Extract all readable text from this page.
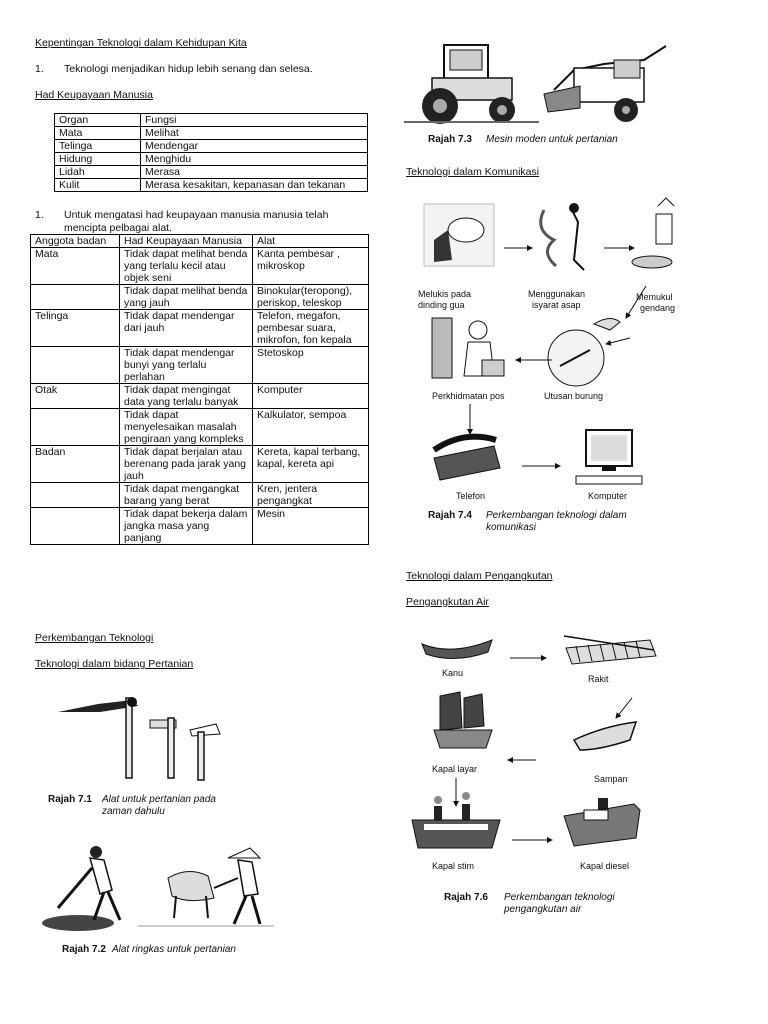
Kepentingan Teknologi dalam Kehidupan Kita
1. Teknologi menjadikan hidup lebih senang dan selesa.
Had Keupayaan Manusia
Organ	Fungsi
Mata	Melihat
Telinga	Mendengar
Hidung	Menghidu
Lidah	Merasa
Kulit	Merasa kesakitan, kepanasan dan tekanan
1. Untuk mengatasi had keupayaan manusia manusia telah
mencipta pelbagai alat.
Anggota badan	Had Keupayaan Manusia	Alat
Mata	Tidak dapat melihat benda yang terlalu kecil atau objek seni	Kanta pembesar , mikroskop
	Tidak dapat melihat benda yang jauh	Binokular(teropong), periskop, teleskop
Telinga	Tidak dapat mendengar dari jauh	Telefon, megafon, pembesar suara, mikrofon, fon kepala
	Tidak dapat mendengar bunyi yang terlalu perlahan	Stetoskop
Otak	Tidak dapat mengingat data yang terlalu banyak	Komputer
	Tidak dapat menyelesaikan masalah pengiraan yang kompleks	Kalkulator, sempoa
Badan	Tidak dapat berjalan atau berenang pada jarak yang jauh	Kereta, kapal terbang, kapal, kereta api
	Tidak dapat mengangkat barang yang berat	Kren, jentera pengangkat
	Tidak dapat bekerja dalam jangka masa yang panjang	Mesin
Perkembangan Teknologi
Teknologi dalam bidang Pertanian
Rajah 7.1 Alat untuk pertanian pada
zaman dahulu
Rajah 7.2 Alat ringkas untuk pertanian
Rajah 7.3 Mesin moden untuk pertanian
Teknologi dalam Komunikasi
Melukis pada
dinding gua
Menggunakan
isyarat asap
Memukul
gendang
Perkhidmatan pos	Utusan burung
Telefon	Komputer
Rajah 7.4 Perkembangan teknologi dalam
komunikasi
Teknologi dalam Pengangkutan
Pengangkutan Air
Kanu
Rakit
Kapal layar
Sampan
Kapal stim	Kapal diesel
Rajah 7.6 Perkembangan teknologi
pengangkutan air
